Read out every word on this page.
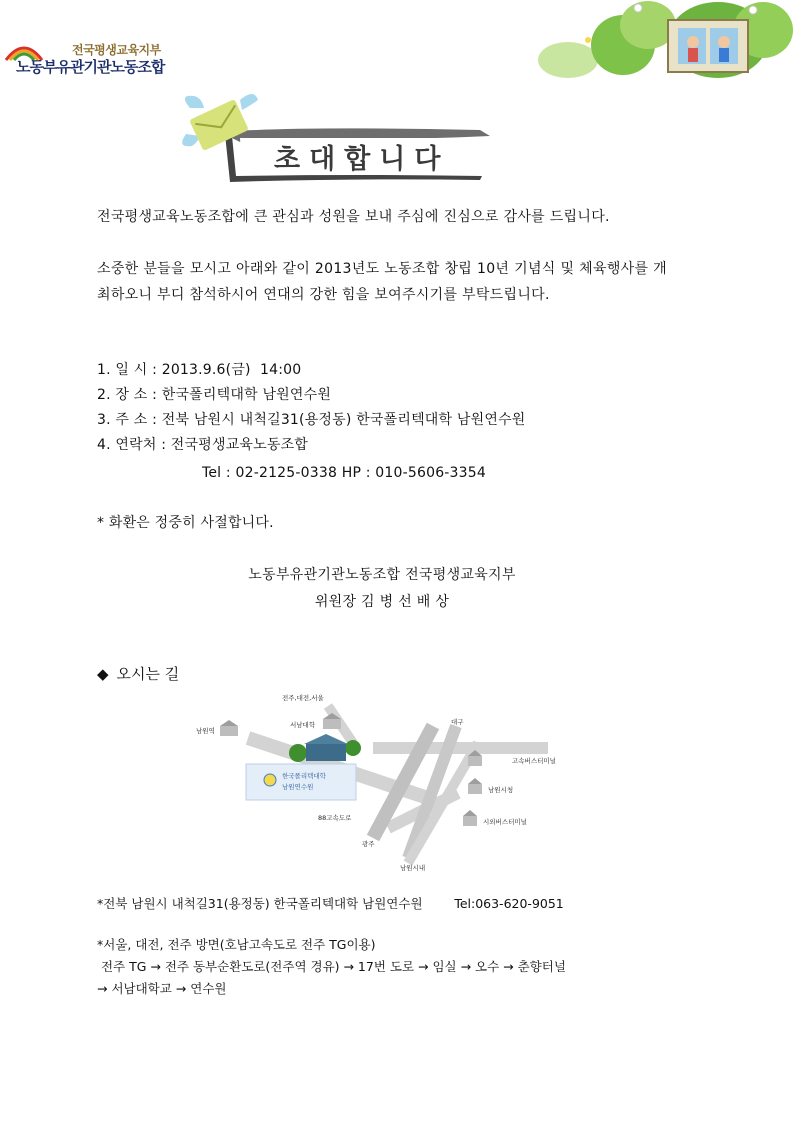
전국평생교육지부
노동부유관기관노동조합
초대합니다
전국평생교육노동조합에 큰 관심과 성원을 보내 주심에 진심으로 감사를 드립니다.
소중한 분들을 모시고 아래와 같이 2013년도 노동조합 창립 10년 기념식 및 체육행사를 개최하오니 부디 참석하시어 연대의 강한 힘을 보여주시기를 부탁드립니다.
1. 일 시 : 2013.9.6(금)  14:00
2. 장 소 : 한국폴리텍대학 남원연수원
3. 주 소 : 전북 남원시 내척길31(용정동) 한국폴리텍대학 남원연수원
4. 연락처 : 전국평생교육노동조합
Tel : 02-2125-0338 HP : 010-5606-3354
* 화환은 정중히 사절합니다.
노동부유관기관노동조합 전국평생교육지부
위원장 김 병 선 배 상
◆ 오시는 길
전주,대전,서울
서남대학
남원역
대구
고속버스터미널
남원시청
시외버스터미널
88고속도로
광주
남원시내
한국폴리텍대학
남원연수원
*전북 남원시 내척길31(용정동) 한국폴리텍대학 남원연수원        Tel:063-620-9051
*서울, 대전, 전주 방면(호남고속도로 전주 TG이용)
전주 TG → 전주 동부순환도로(전주역 경유) → 17번 도로 → 임실 → 오수 → 춘향터널
→ 서남대학교 → 연수원
